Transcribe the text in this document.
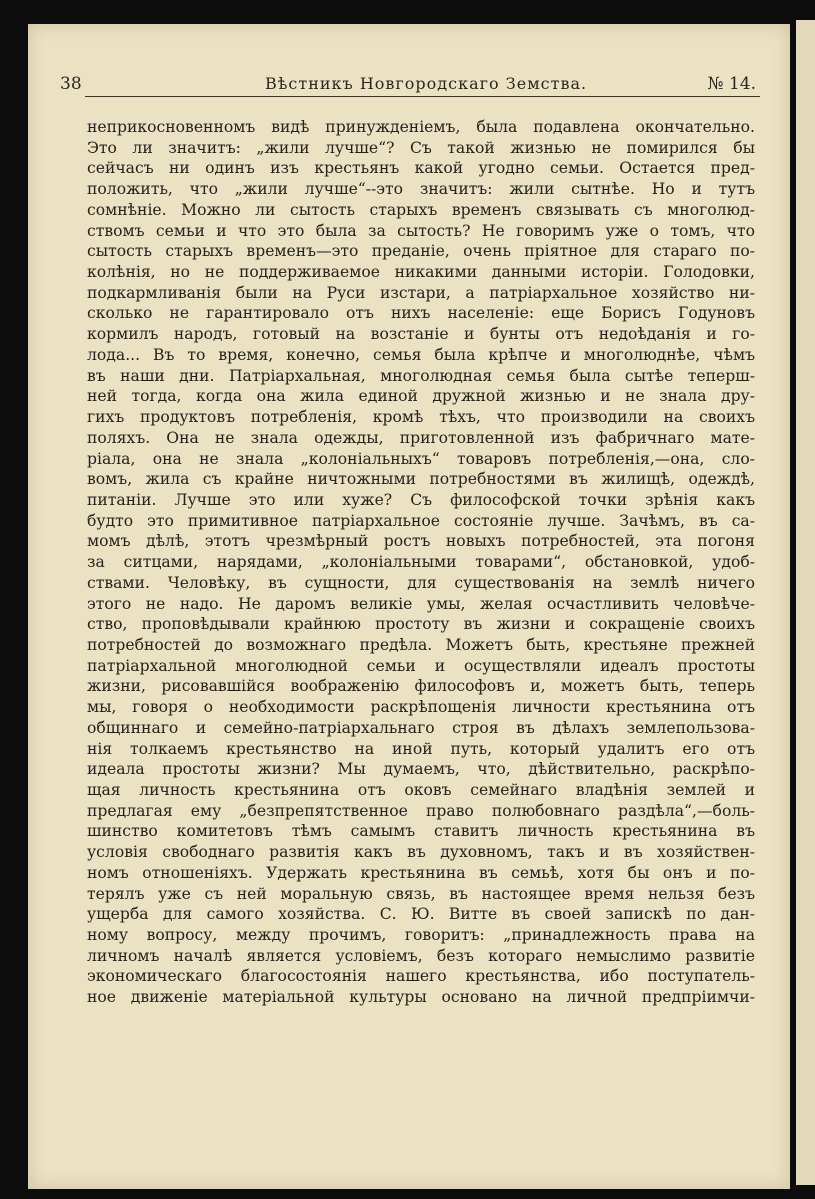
38	Вѣстникъ Новгородскаго Земства.	№ 14.
неприкосновенномъ видѣ принужденіемъ, была подавлена окончательно.
Это ли значитъ: „жили лучше“? Съ такой жизнью не помирился бы
сейчасъ ни одинъ изъ крестьянъ какой угодно семьи. Остается пред-
положить, что „жили лучше“--это значитъ: жили сытнѣе. Но и тутъ
сомнѣніе. Можно ли сытость старыхъ временъ связывать съ многолюд-
ствомъ семьи и что это была за сытость? Не говоримъ уже о томъ, что
сытость старыхъ временъ—это преданіе, очень пріятное для стараго по-
колѣнія, но не поддерживаемое никакими данными исторіи. Голодовки,
подкармливанія были на Руси изстари, а патріархальное хозяйство ни-
сколько не гарантировало отъ нихъ населеніе: еще Борисъ Годуновъ
кормилъ народъ, готовый на возстаніе и бунты отъ недоѣданія и го-
лода... Въ то время, конечно, семья была крѣпче и многолюднѣе, чѣмъ
въ наши дни. Патріархальная, многолюдная семья была сытѣе теперш-
ней тогда, когда она жила единой дружной жизнью и не знала дру-
гихъ продуктовъ потребленія, кромѣ тѣхъ, что производили на своихъ
поляхъ. Она не знала одежды, приготовленной изъ фабричнаго мате-
ріала, она не знала „колоніальныхъ“ товаровъ потребленія,—она, сло-
вомъ, жила съ крайне ничтожными потребностями въ жилищѣ, одеждѣ,
питаніи. Лучше это или хуже? Съ философской точки зрѣнія какъ
будто это примитивное патріархальное состояніе лучше. Зачѣмъ, въ са-
момъ дѣлѣ, этотъ чрезмѣрный ростъ новыхъ потребностей, эта погоня
за ситцами, нарядами, „колоніальными товарами“, обстановкой, удоб-
ствами. Человѣку, въ сущности, для существованія на землѣ ничего
этого не надо. Не даромъ великіе умы, желая осчастливить человѣче-
ство, проповѣдывали крайнюю простоту въ жизни и сокращеніе своихъ
потребностей до возможнаго предѣла. Можетъ быть, крестьяне прежней
патріархальной многолюдной семьи и осуществляли идеалъ простоты
жизни, рисовавшійся воображенію философовъ и, можетъ быть, теперь
мы, говоря о необходимости раскрѣпощенія личности крестьянина отъ
общиннаго и семейно-патріархальнаго строя въ дѣлахъ землепользова-
нія толкаемъ крестьянство на иной путь, который удалитъ его отъ
идеала простоты жизни? Мы думаемъ, что, дѣйствительно, раскрѣпо-
щая личность крестьянина отъ оковъ семейнаго владѣнія землей и
предлагая ему „безпрепятственное право полюбовнаго раздѣла“,—боль-
шинство комитетовъ тѣмъ самымъ ставитъ личность крестьянина въ
условія свободнаго развитія какъ въ духовномъ, такъ и въ хозяйствен-
номъ отношеніяхъ. Удержать крестьянина въ семьѣ, хотя бы онъ и по-
терялъ уже съ ней моральную связь, въ настоящее время нельзя безъ
ущерба для самого хозяйства. С. Ю. Витте въ своей запискѣ по дан-
ному вопросу, между прочимъ, говоритъ: „принадлежность права на
личномъ началѣ является условіемъ, безъ котораго немыслимо развитіе
экономическаго благосостоянія нашего крестьянства, ибо поступатель-
ное движеніе матеріальной культуры основано на личной предпріимчи-
